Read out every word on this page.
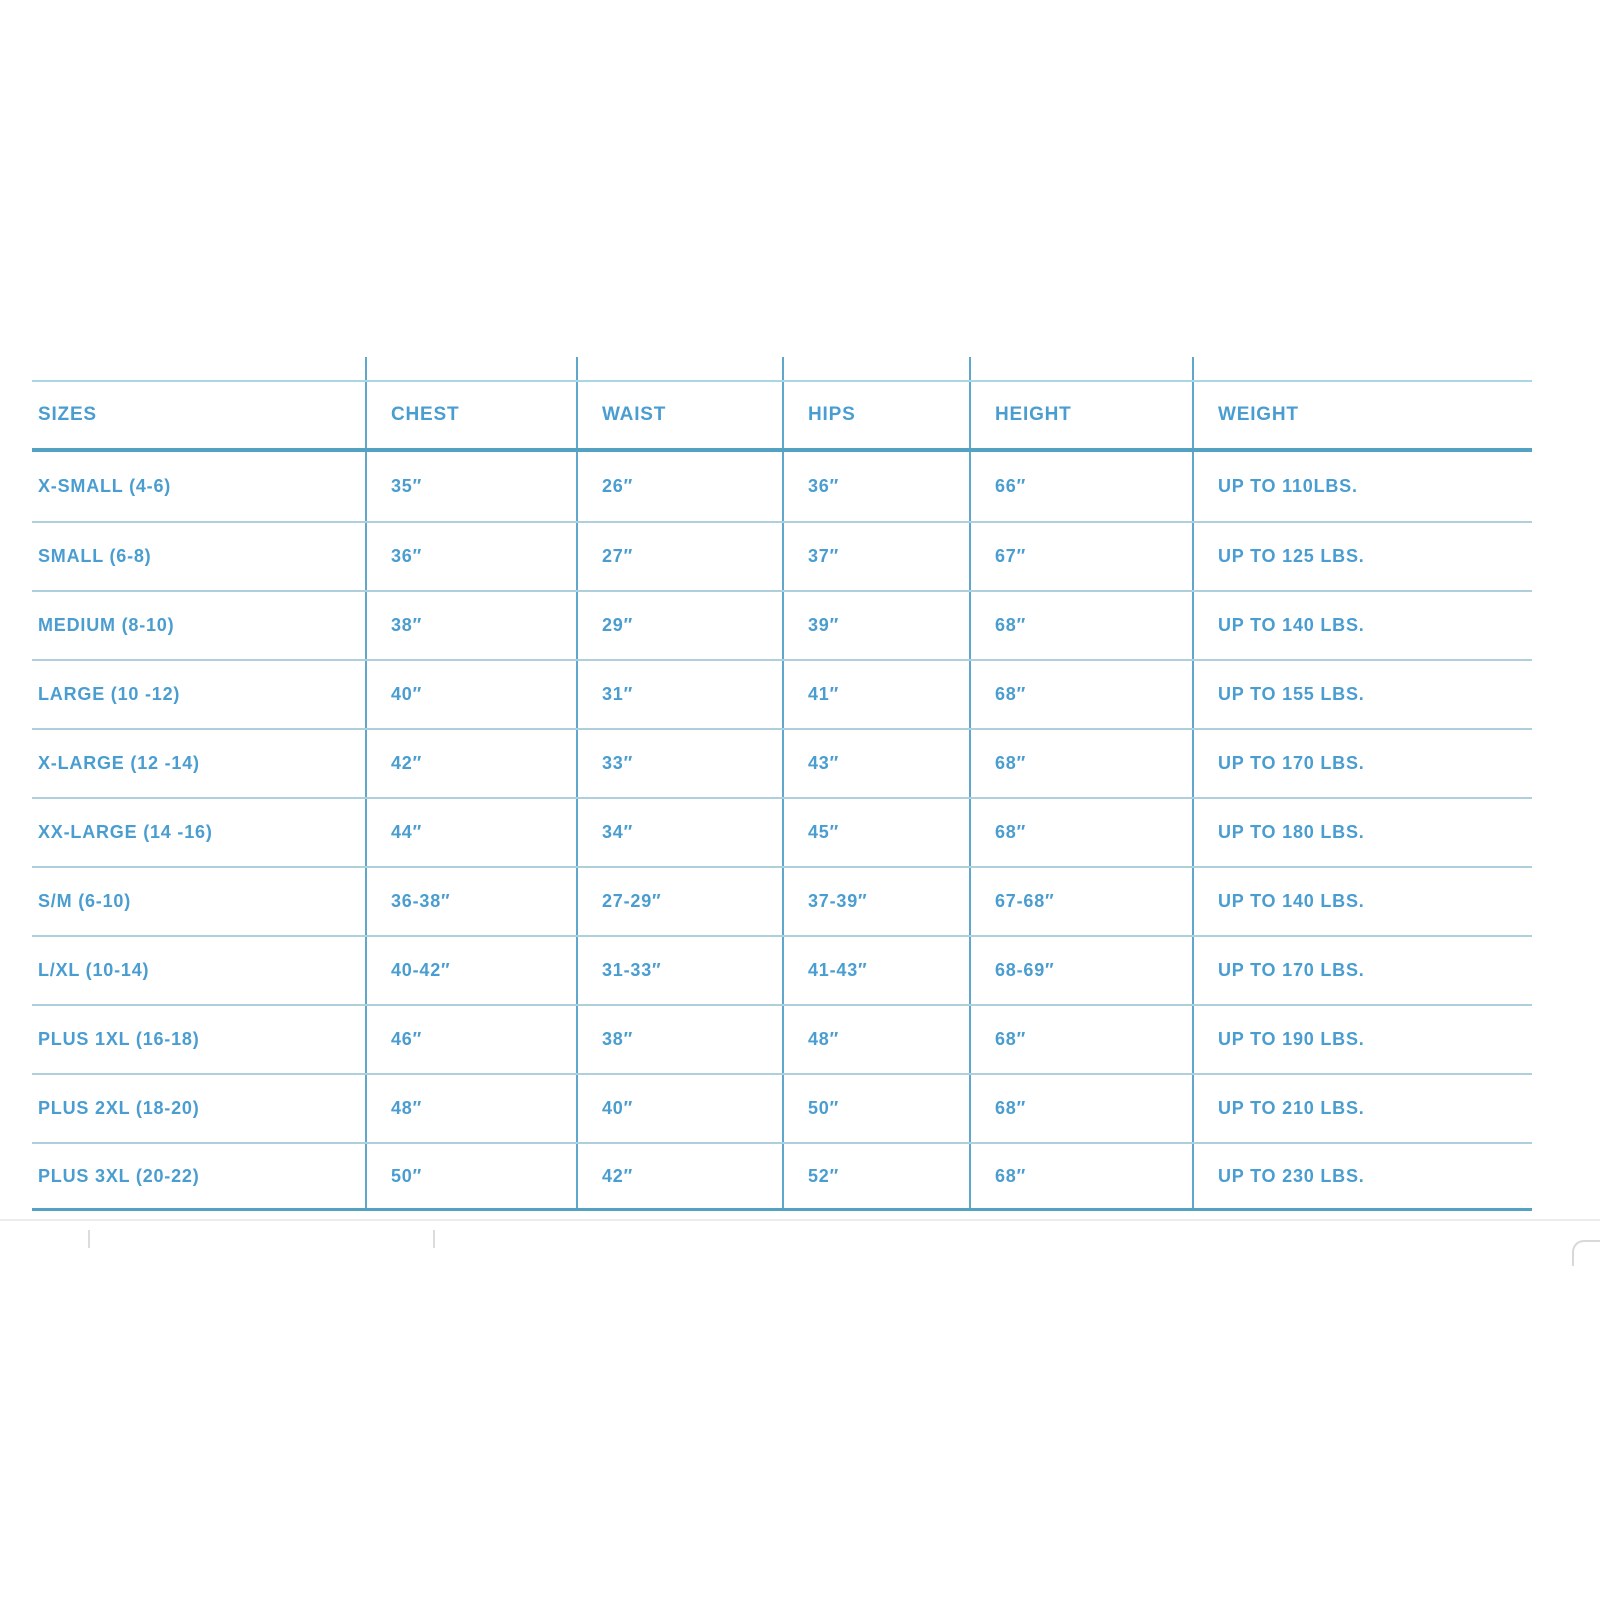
SIZES	CHEST	WAIST	HIPS	HEIGHT	WEIGHT
X-SMALL (4-6)	35″	26″	36″	66″	UP TO 110LBS.
SMALL (6-8)	36″	27″	37″	67″	UP TO 125 LBS.
MEDIUM (8-10)	38″	29″	39″	68″	UP TO 140 LBS.
LARGE (10 -12)	40″	31″	41″	68″	UP TO 155 LBS.
X-LARGE (12 -14)	42″	33″	43″	68″	UP TO 170 LBS.
XX-LARGE (14 -16)	44″	34″	45″	68″	UP TO 180 LBS.
S/M (6-10)	36-38″	27-29″	37-39″	67-68″	UP TO 140 LBS.
L/XL (10-14)	40-42″	31-33″	41-43″	68-69″	UP TO 170 LBS.
PLUS 1XL (16-18)	46″	38″	48″	68″	UP TO 190 LBS.
PLUS 2XL (18-20)	48″	40″	50″	68″	UP TO 210 LBS.
PLUS 3XL (20-22)	50″	42″	52″	68″	UP TO 230 LBS.
